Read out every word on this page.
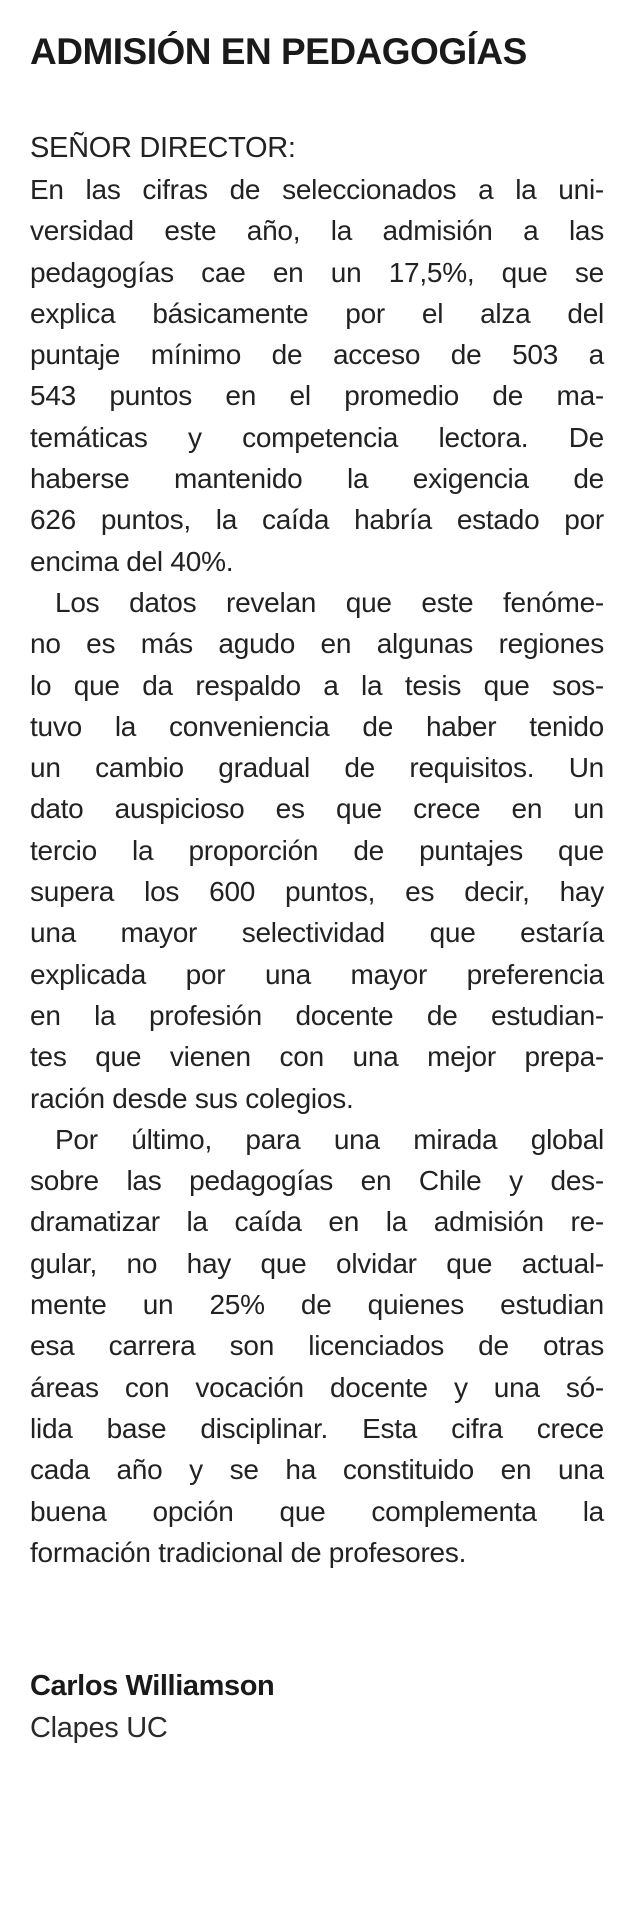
ADMISIÓN EN PEDAGOGÍAS

SEÑOR DIRECTOR:

En las cifras de seleccionados a la uni-
versidad este año, la admisión a las
pedagogías cae en un 17,5%, que se
explica básicamente por el alza del
puntaje mínimo de acceso de 503 a
543 puntos en el promedio de ma-
temáticas y competencia lectora. De
haberse mantenido la exigencia de
626 puntos, la caída habría estado por
encima del 40%.
Los datos revelan que este fenóme-
no es más agudo en algunas regiones
lo que da respaldo a la tesis que sos-
tuvo la conveniencia de haber tenido
un cambio gradual de requisitos. Un
dato auspicioso es que crece en un
tercio la proporción de puntajes que
supera los 600 puntos, es decir, hay
una mayor selectividad que estaría
explicada por una mayor preferencia
en la profesión docente de estudian-
tes que vienen con una mejor prepa-
ración desde sus colegios.
Por último, para una mirada global
sobre las pedagogías en Chile y des-
dramatizar la caída en la admisión re-
gular, no hay que olvidar que actual-
mente un 25% de quienes estudian
esa carrera son licenciados de otras
áreas con vocación docente y una só-
lida base disciplinar. Esta cifra crece
cada año y se ha constituido en una
buena opción que complementa la
formación tradicional de profesores.
Carlos Williamson
Clapes UC
